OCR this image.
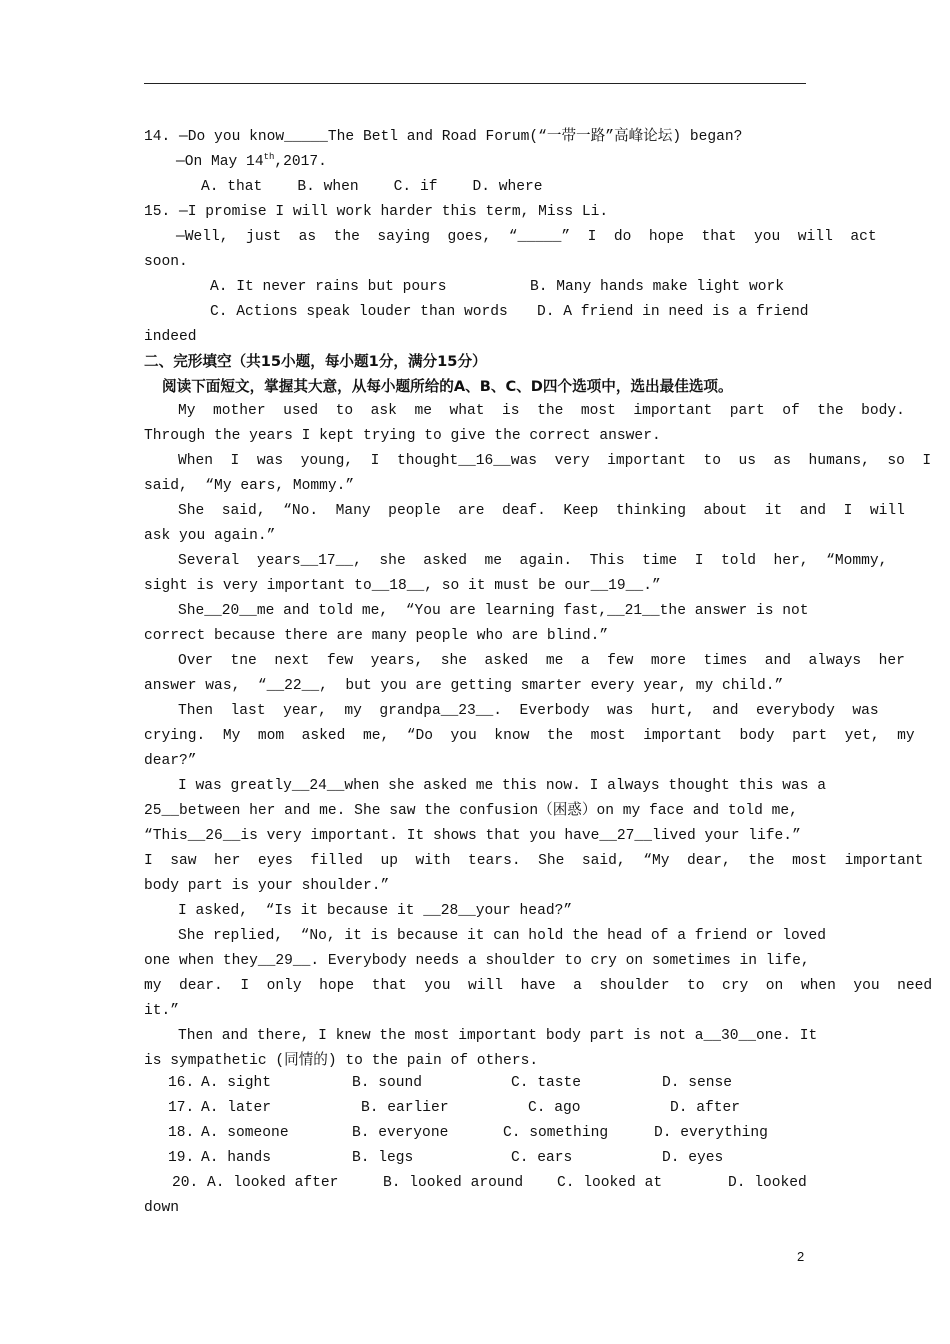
14. —Do you know_____The Betl and Road Forum(“一带一路”高峰论坛) began?
—On May 14th,2017.
A. that    B. when    C. if    D. where
15. —I promise I will work harder this term, Miss Li.
—Well,  just  as  the  saying  goes,  “_____”  I  do  hope  that  you  will  act
soon.
A. It never rains but pours	B. Many hands make light work
C. Actions speak louder than words D. A friend in need is a friend
indeed
二、完形填空（共15小题，每小题1分，满分15分）
阅读下面短文，掌握其大意，从每小题所给的A、B、C、D四个选项中，选出最佳选项。
My  mother  used  to  ask  me  what  is  the  most  important  part  of  the  body.
Through the years I kept trying to give the correct answer.
When  I  was  young,  I  thought__16__was  very  important  to  us  as  humans,  so  I
said,  “My ears, Mommy.”
She  said,  “No.  Many  people  are  deaf.  Keep  thinking  about  it  and  I  will
ask you again.”
Several  years__17__,  she  asked  me  again.  This  time  I  told  her,  “Mommy,
sight is very important to__18__, so it must be our__19__.”
She__20__me and told me,  “You are learning fast,__21__the answer is not
correct because there are many people who are blind.”
Over  tne  next  few  years,  she  asked  me  a  few  more  times  and  always  her
answer was,  “__22__,  but you are getting smarter every year, my child.”
Then  last  year,  my  grandpa__23__.  Everbody  was  hurt,  and  everybody  was
crying.  My  mom  asked  me,  “Do  you  know  the  most  important  body  part  yet,  my
dear?”
I was greatly__24__when she asked me this now. I always thought this was a
25__between her and me. She saw the confusion（困惑）on my face and told me,
“This__26__is very important. It shows that you have__27__lived your life.”
I  saw  her  eyes  filled  up  with  tears.  She  said,  “My  dear,  the  most  important
body part is your shoulder.”
I asked,  “Is it because it __28__your head?”
She replied,  “No, it is because it can hold the head of a friend or loved
one when they__29__. Everybody needs a shoulder to cry on sometimes in life,
my  dear.  I  only  hope  that  you  will  have  a  shoulder  to  cry  on  when  you  need
it.”
Then and there, I knew the most important body part is not a__30__one. It
is sympathetic (同情的) to the pain of others.
16. A. sight	B. sound	C. taste	D. sense
17. A. later	B. earlier	C. ago	D. after
18. A. someone	B. everyone	C. something	D. everything
19. A. hands	B. legs	C. ears	D. eyes
20. A. looked after	B. looked around C. looked at	D. looked
down
2
